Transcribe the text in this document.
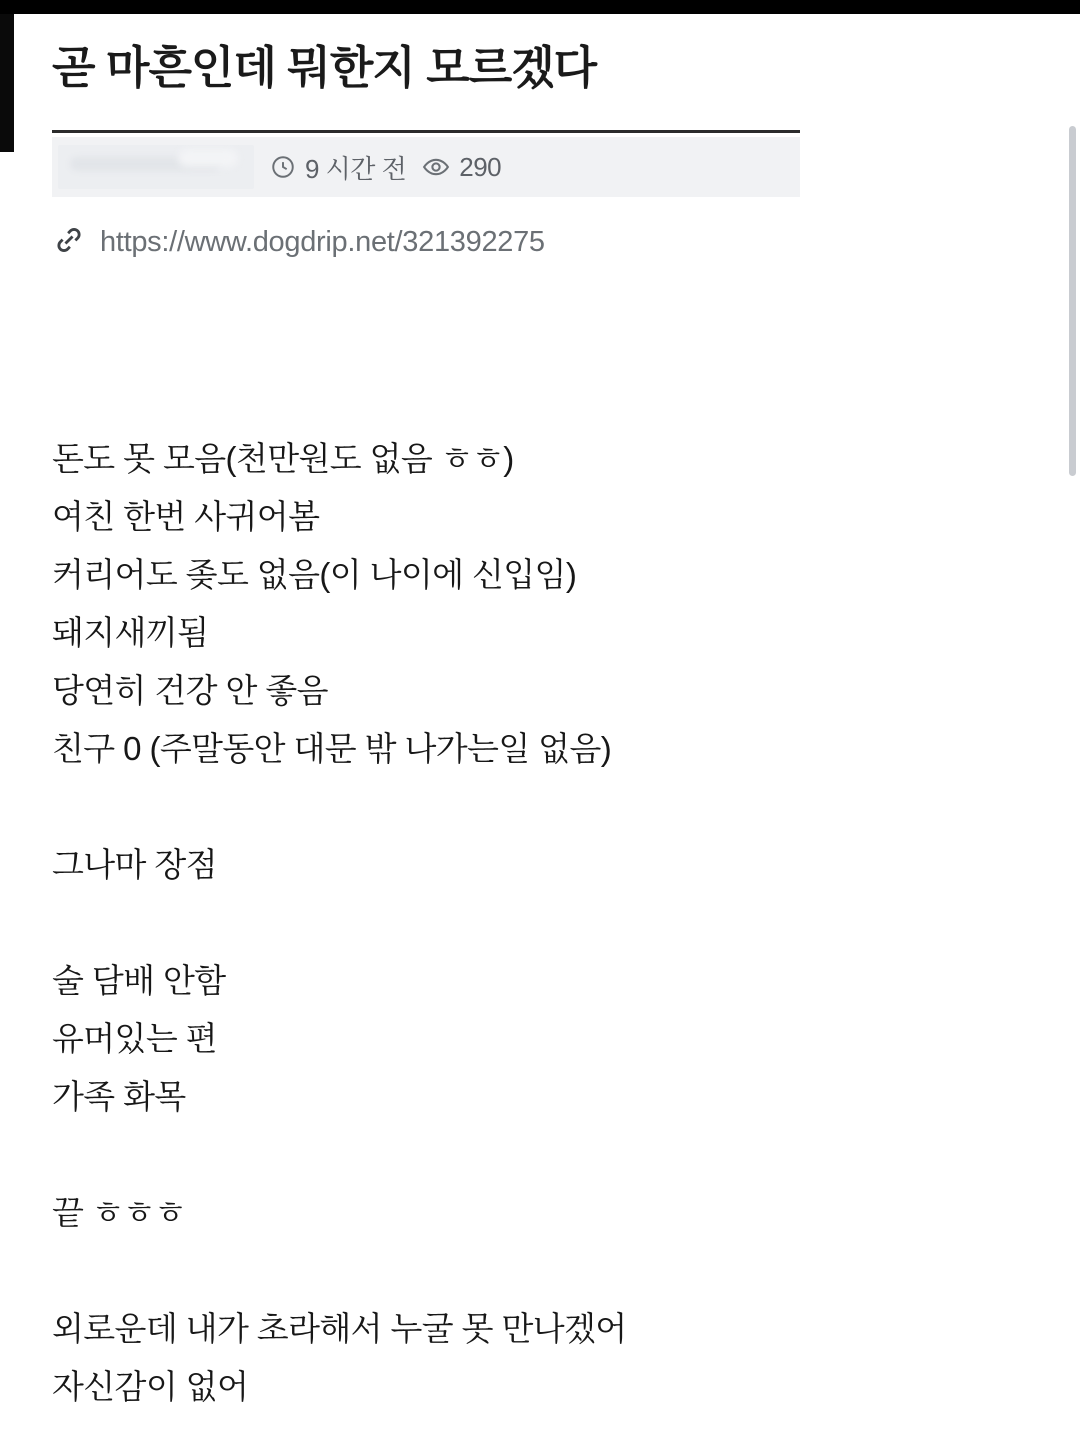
곧 마흔인데 뭐한지 모르겠다
9 시간 전 290
https://www.dogdrip.net/321392275
돈도 못 모음(천만원도 없음 ㅎㅎ)
여친 한번 사귀어봄
커리어도 좆도 없음(이 나이에 신입임)
돼지새끼됨
당연히 건강 안 좋음
친구 0 (주말동안 대문 밖 나가는일 없음)
그나마 장점
술 담배 안함
유머있는 편
가족 화목
끝 ㅎㅎㅎ
외로운데 내가 초라해서 누굴 못 만나겠어
자신감이 없어
